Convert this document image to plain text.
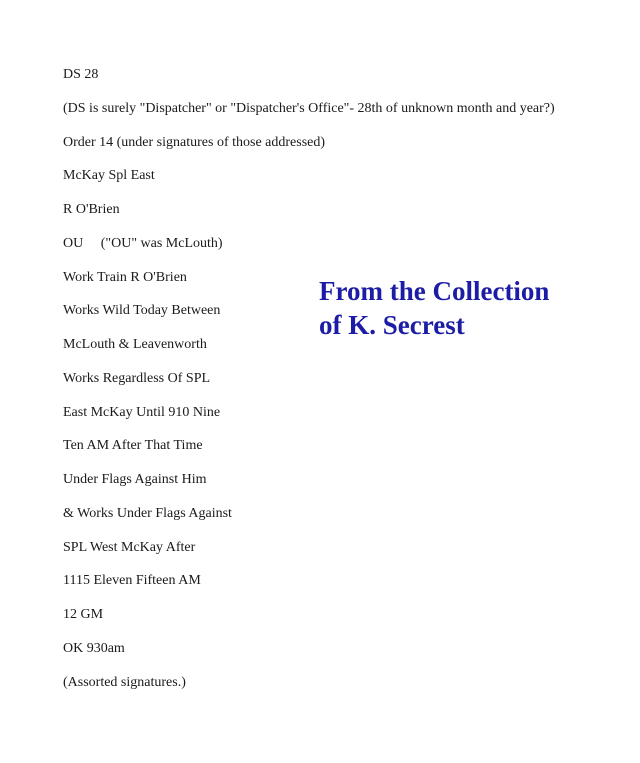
DS 28
(DS is surely "Dispatcher" or "Dispatcher's Office"- 28th of unknown month and year?)
Order 14 (under signatures of those addressed)
McKay Spl East
R O'Brien
OU     ("OU" was McLouth)
Work Train R O'Brien
Works Wild Today Between
McLouth & Leavenworth
Works Regardless Of SPL
East McKay Until 910 Nine
Ten AM After That Time
Under Flags Against Him
& Works Under Flags Against
SPL West McKay After
1115 Eleven Fifteen AM
12 GM
OK 930am
(Assorted signatures.)
From the Collection
of K. Secrest
